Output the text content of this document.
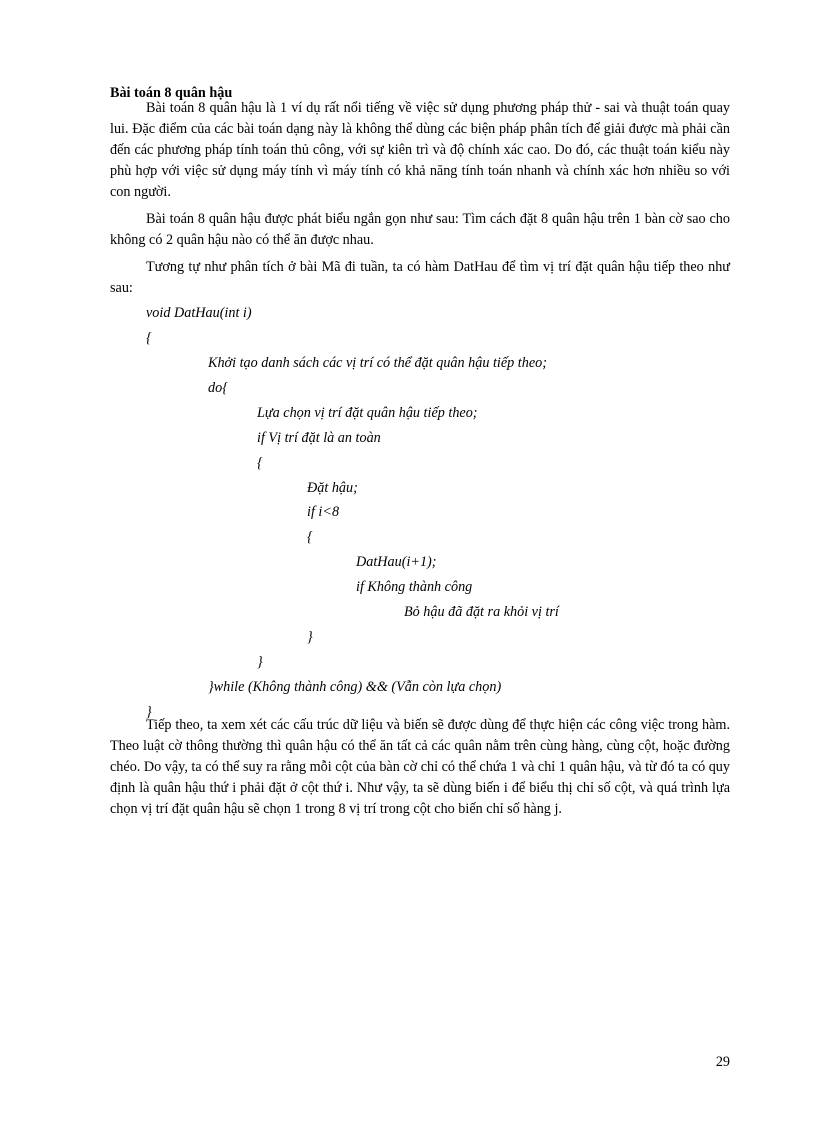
Bài toán 8 quân hậu

Bài toán 8 quân hậu là 1 ví dụ rất nổi tiếng về việc sử dụng phương pháp thử - sai và thuật toán quay lui. Đặc điểm của các bài toán dạng này là không thể dùng các biện pháp phân tích để giải được mà phải cần đến các phương pháp tính toán thủ công, với sự kiên trì và độ chính xác cao. Do đó, các thuật toán kiểu này phù hợp với việc sử dụng máy tính vì máy tính có khả năng tính toán nhanh và chính xác hơn nhiều so với con người.

Bài toán 8 quân hậu được phát biểu ngắn gọn như sau: Tìm cách đặt 8 quân hậu trên 1 bàn cờ sao cho không có 2 quân hậu nào có thể ăn được nhau.

Tương tự như phân tích ở bài Mã đi tuần, ta có hàm DatHau để tìm vị trí đặt quân hậu tiếp theo như sau:

void DatHau(int i)
{
Khởi tạo danh sách các vị trí có thể đặt quân hậu tiếp theo;
do{
Lựa chọn vị trí đặt quân hậu tiếp theo;
if Vị trí đặt là an toàn
{
Đặt hậu;
if i<8
{
DatHau(i+1);
if Không thành công
Bỏ hậu đã đặt ra khỏi vị trí
}
}
}while (Không thành công) && (Vẫn còn lựa chọn)
}

Tiếp theo, ta xem xét các cấu trúc dữ liệu và biến sẽ được dùng để thực hiện các công việc trong hàm. Theo luật cờ thông thường thì quân hậu có thể ăn tất cả các quân nằm trên cùng hàng, cùng cột, hoặc đường chéo. Do vậy, ta có thể suy ra rằng mỗi cột của bàn cờ chỉ có thể chứa 1 và chỉ 1 quân hậu, và từ đó ta có quy định là quân hậu thứ i phải đặt ở cột thứ i. Như vậy, ta sẽ dùng biến i để biểu thị chỉ số cột, và quá trình lựa chọn vị trí đặt quân hậu sẽ chọn 1 trong 8 vị trí trong cột cho biến chỉ số hàng j.

29
